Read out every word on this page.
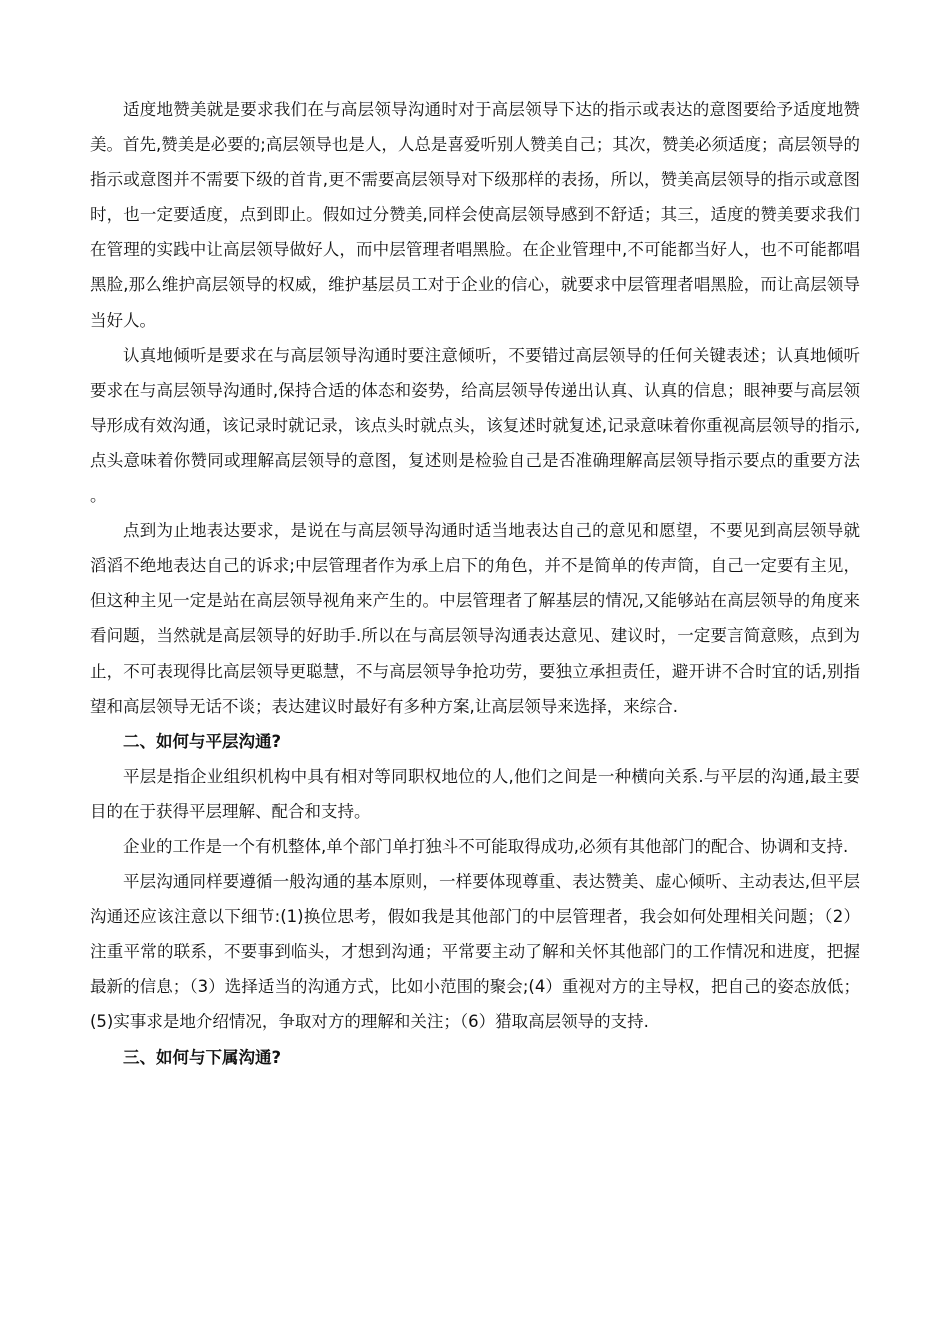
适度地赞美就是要求我们在与高层领导沟通时对于高层领导下达的指示或表达的意图要给予适度地赞美。首先,赞美是必要的;高层领导也是人，人总是喜爱听别人赞美自己；其次，赞美必须适度；高层领导的指示或意图并不需要下级的首肯,更不需要高层领导对下级那样的表扬，所以，赞美高层领导的指示或意图时，也一定要适度，点到即止。假如过分赞美,同样会使高层领导感到不舒适；其三，适度的赞美要求我们在管理的实践中让高层领导做好人，而中层管理者唱黑脸。在企业管理中,不可能都当好人，也不可能都唱黑脸,那么维护高层领导的权威，维护基层员工对于企业的信心，就要求中层管理者唱黑脸，而让高层领导当好人。

认真地倾听是要求在与高层领导沟通时要注意倾听，不要错过高层领导的任何关键表述；认真地倾听要求在与高层领导沟通时,保持合适的体态和姿势，给高层领导传递出认真、认真的信息；眼神要与高层领导形成有效沟通，该记录时就记录，该点头时就点头，该复述时就复述,记录意味着你重视高层领导的指示,点头意味着你赞同或理解高层领导的意图，复述则是检验自己是否准确理解高层领导指示要点的重要方法。

点到为止地表达要求，是说在与高层领导沟通时适当地表达自己的意见和愿望，不要见到高层领导就滔滔不绝地表达自己的诉求;中层管理者作为承上启下的角色，并不是简单的传声筒，自己一定要有主见，但这种主见一定是站在高层领导视角来产生的。中层管理者了解基层的情况,又能够站在高层领导的角度来看问题，当然就是高层领导的好助手.所以在与高层领导沟通表达意见、建议时，一定要言简意赅，点到为止，不可表现得比高层领导更聪慧，不与高层领导争抢功劳，要独立承担责任，避开讲不合时宜的话,别指望和高层领导无话不谈；表达建议时最好有多种方案,让高层领导来选择，来综合.

二、如何与平层沟通?

平层是指企业组织机构中具有相对等同职权地位的人,他们之间是一种横向关系.与平层的沟通,最主要目的在于获得平层理解、配合和支持。

企业的工作是一个有机整体,单个部门单打独斗不可能取得成功,必须有其他部门的配合、协调和支持.

平层沟通同样要遵循一般沟通的基本原则，一样要体现尊重、表达赞美、虚心倾听、主动表达,但平层沟通还应该注意以下细节:(1)换位思考，假如我是其他部门的中层管理者，我会如何处理相关问题；（2）注重平常的联系，不要事到临头，才想到沟通；平常要主动了解和关怀其他部门的工作情况和进度，把握最新的信息；（3）选择适当的沟通方式，比如小范围的聚会;(4）重视对方的主导权，把自己的姿态放低；(5)实事求是地介绍情况，争取对方的理解和关注；（6）猎取高层领导的支持.

三、如何与下属沟通?
